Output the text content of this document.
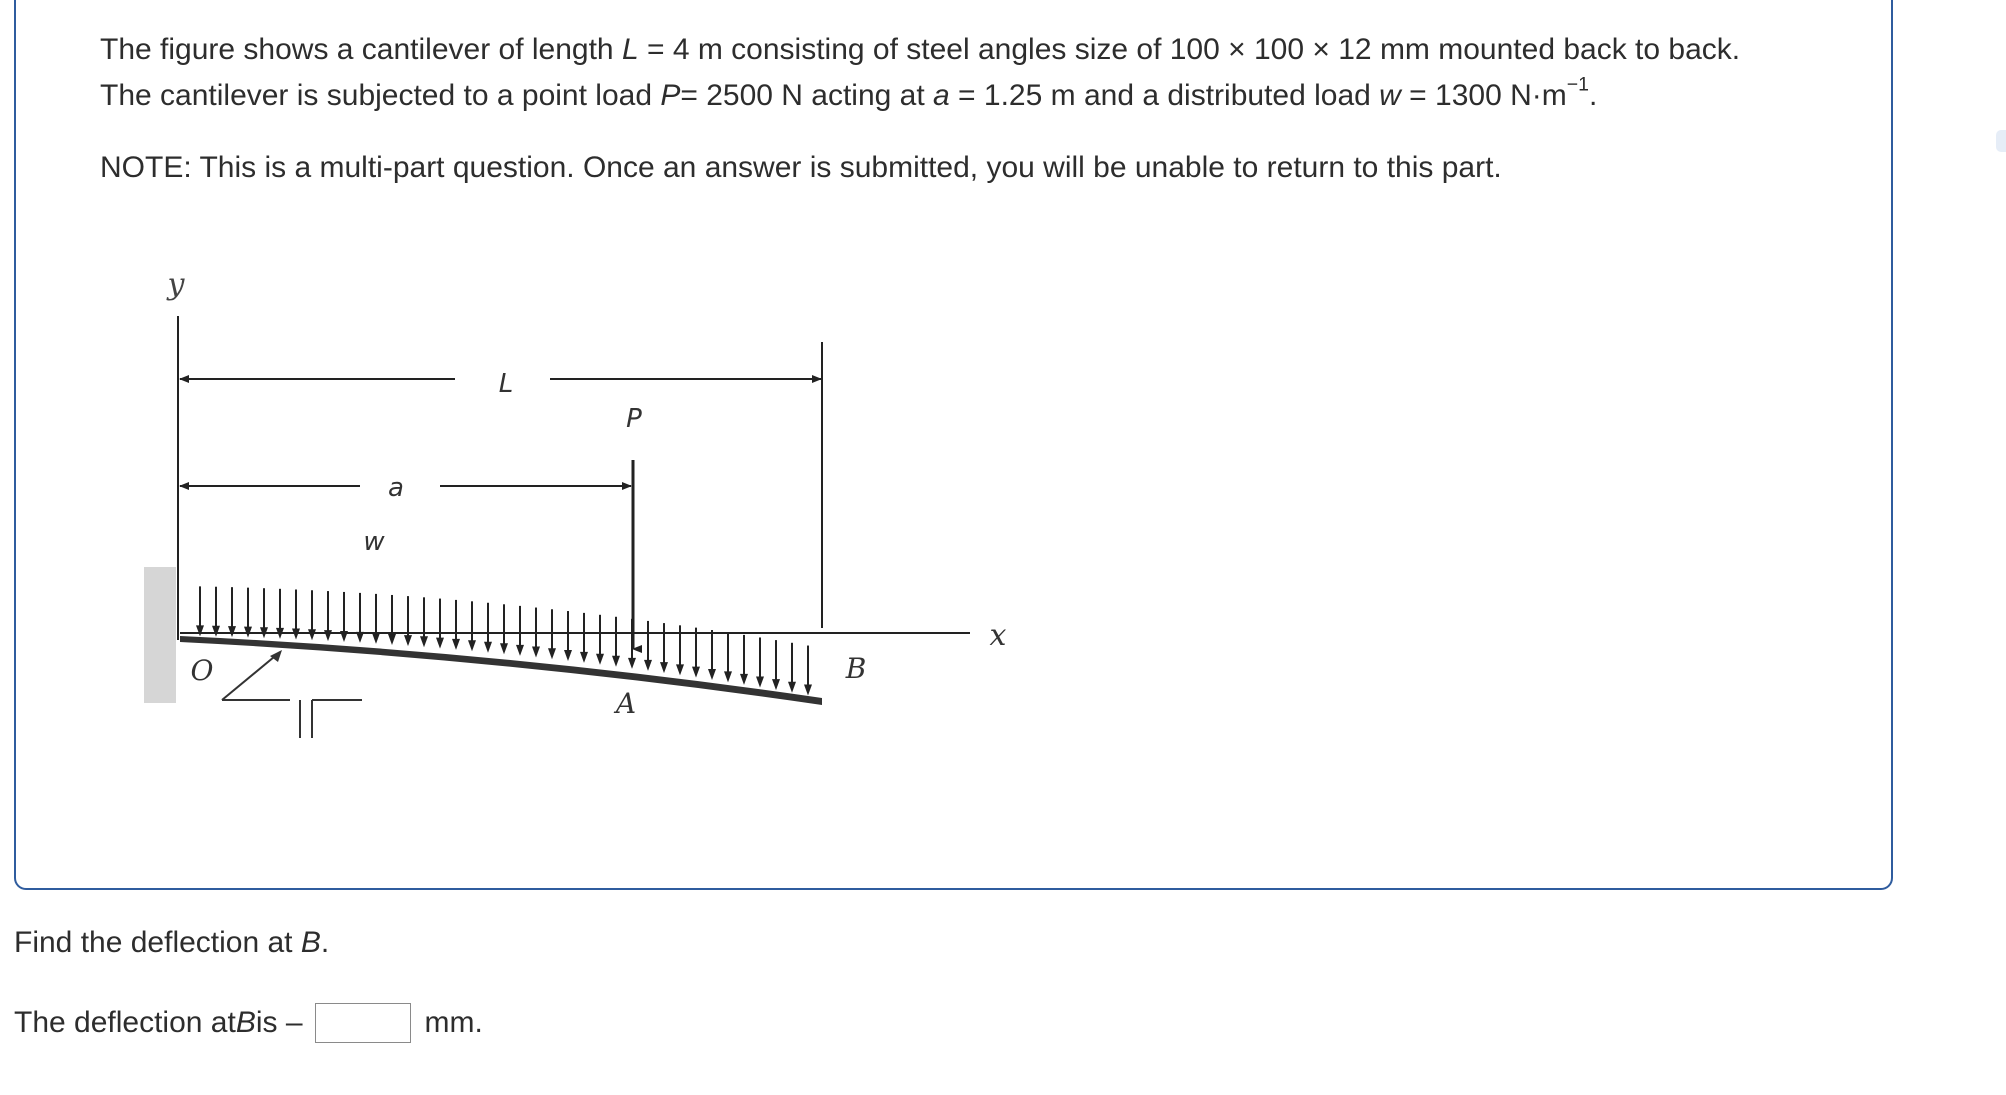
The figure shows a cantilever of length L = 4 m consisting of steel angles size of 100 × 100 × 12 mm mounted back to back.
The cantilever is subjected to a point load P= 2500 N acting at a = 1.25 m and a distributed load w = 1300 $N\cdot m^{-1}$.

NOTE: This is a multi-part question. Once an answer is submitted, you will be unable to return to this part.

y
x
L
a
P
w
O
A
B

Find the deflection at B.

The deflection at B is –	mm.
